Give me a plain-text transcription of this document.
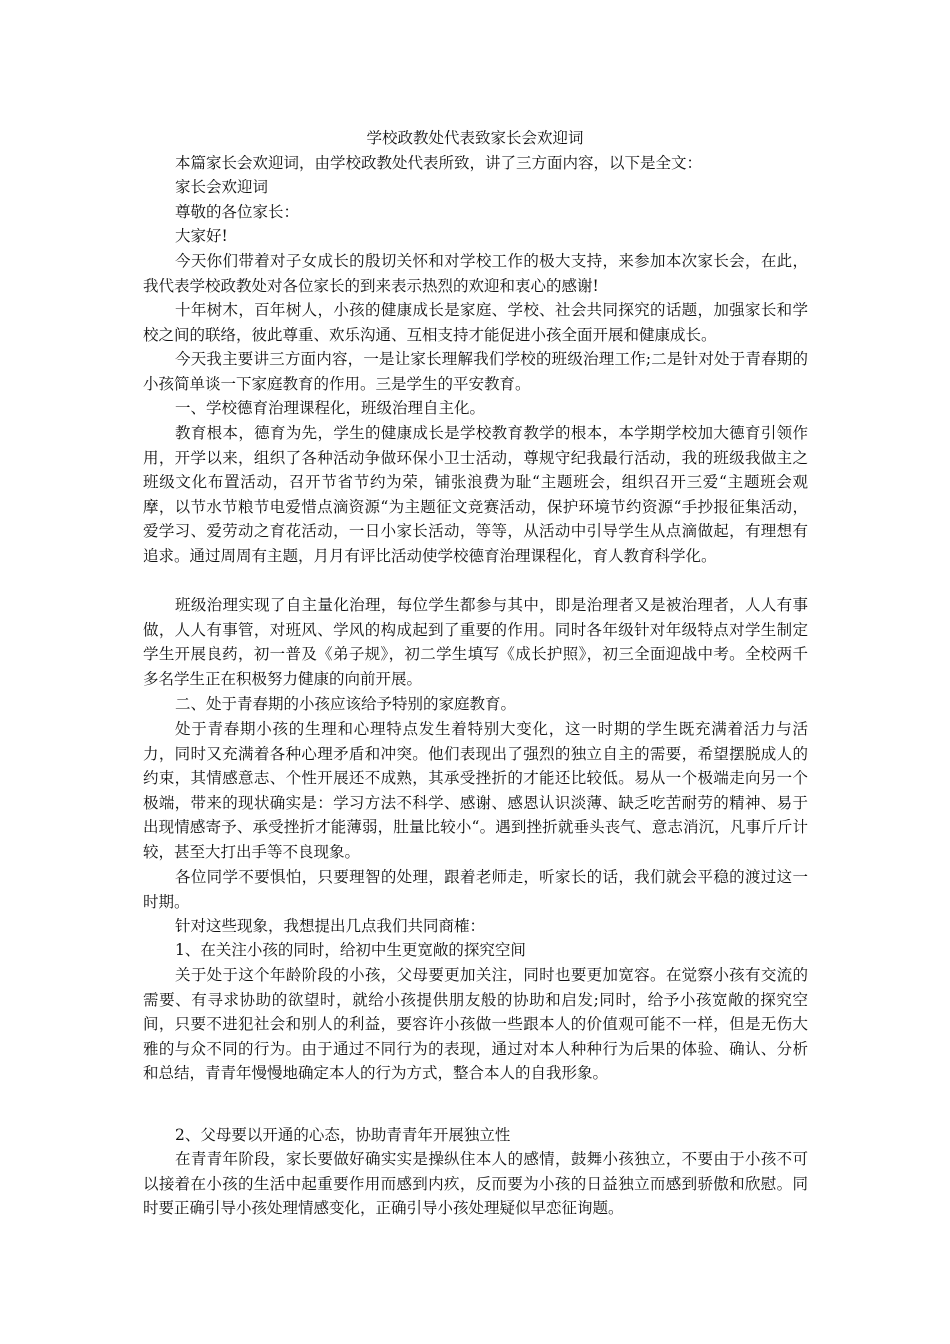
学校政教处代表致家长会欢迎词

本篇家长会欢迎词，由学校政教处代表所致，讲了三方面内容，以下是全文：

家长会欢迎词

尊敬的各位家长：

大家好!

今天你们带着对子女成长的殷切关怀和对学校工作的极大支持，来参加本次家长会，在此，我代表学校政教处对各位家长的到来表示热烈的欢迎和衷心的感谢!

十年树木，百年树人，小孩的健康成长是家庭、学校、社会共同探究的话题，加强家长和学校之间的联络，彼此尊重、欢乐沟通、互相支持才能促进小孩全面开展和健康成长。

今天我主要讲三方面内容，一是让家长理解我们学校的班级治理工作;二是针对处于青春期的小孩简单谈一下家庭教育的作用。三是学生的平安教育。

一、学校德育治理课程化，班级治理自主化。

教育根本，德育为先，学生的健康成长是学校教育教学的根本，本学期学校加大德育引领作用，开学以来，组织了各种活动争做环保小卫士活动，尊规守纪我最行活动，我的班级我做主之班级文化布置活动，召开节省节约为荣，铺张浪费为耻“主题班会，组织召开三爱“主题班会观摩，以节水节粮节电爱惜点滴资源“为主题征文竞赛活动，保护环境节约资源“手抄报征集活动，爱学习、爱劳动之育花活动，一日小家长活动，等等，从活动中引导学生从点滴做起，有理想有追求。通过周周有主题，月月有评比活动使学校德育治理课程化，育人教育科学化。

班级治理实现了自主量化治理，每位学生都参与其中，即是治理者又是被治理者，人人有事做，人人有事管，对班风、学风的构成起到了重要的作用。同时各年级针对年级特点对学生制定学生开展良药，初一普及《弟子规》，初二学生填写《成长护照》，初三全面迎战中考。全校两千多名学生正在积极努力健康的向前开展。

二、处于青春期的小孩应该给予特别的家庭教育。

处于青春期小孩的生理和心理特点发生着特别大变化，这一时期的学生既充满着活力与活力，同时又充满着各种心理矛盾和冲突。他们表现出了强烈的独立自主的需要，希望摆脱成人的约束，其情感意志、个性开展还不成熟，其承受挫折的才能还比较低。易从一个极端走向另一个极端，带来的现状确实是：学习方法不科学、感谢、感恩认识淡薄、缺乏吃苦耐劳的精神、易于出现情感寄予、承受挫折才能薄弱，肚量比较小“。遇到挫折就垂头丧气、意志消沉，凡事斤斤计较，甚至大打出手等不良现象。

各位同学不要惧怕，只要理智的处理，跟着老师走，听家长的话，我们就会平稳的渡过这一时期。

针对这些现象，我想提出几点我们共同商榷：

1、在关注小孩的同时，给初中生更宽敞的探究空间

关于处于这个年龄阶段的小孩，父母要更加关注，同时也要更加宽容。在觉察小孩有交流的需要、有寻求协助的欲望时，就给小孩提供朋友般的协助和启发;同时，给予小孩宽敞的探究空间，只要不进犯社会和别人的利益，要容许小孩做一些跟本人的价值观可能不一样，但是无伤大雅的与众不同的行为。由于通过不同行为的表现，通过对本人种种行为后果的体验、确认、分析和总结，青青年慢慢地确定本人的行为方式，整合本人的自我形象。

2、父母要以开通的心态，协助青青年开展独立性

在青青年阶段，家长要做好确实实是操纵住本人的感情，鼓舞小孩独立，不要由于小孩不可以接着在小孩的生活中起重要作用而感到内疚，反而要为小孩的日益独立而感到骄傲和欣慰。同时要正确引导小孩处理情感变化，正确引导小孩处理疑似早恋征询题。
